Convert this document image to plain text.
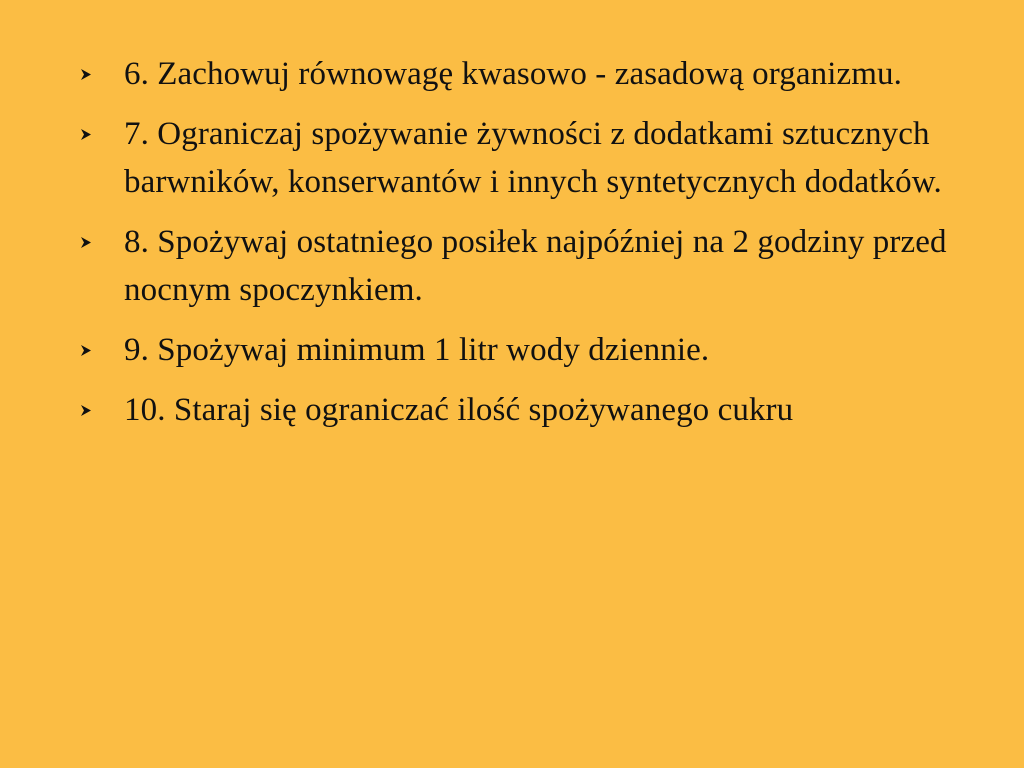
6. Zachowuj równowagę kwasowo - zasadową organizmu.
7. Ograniczaj spożywanie żywności z dodatkami sztucznych barwników, konserwantów i innych syntetycznych dodatków.
8. Spożywaj ostatniego posiłek najpóźniej na 2 godziny przed nocnym spoczynkiem.
9. Spożywaj minimum 1 litr wody dziennie.
10. Staraj się ograniczać ilość spożywanego cukru
